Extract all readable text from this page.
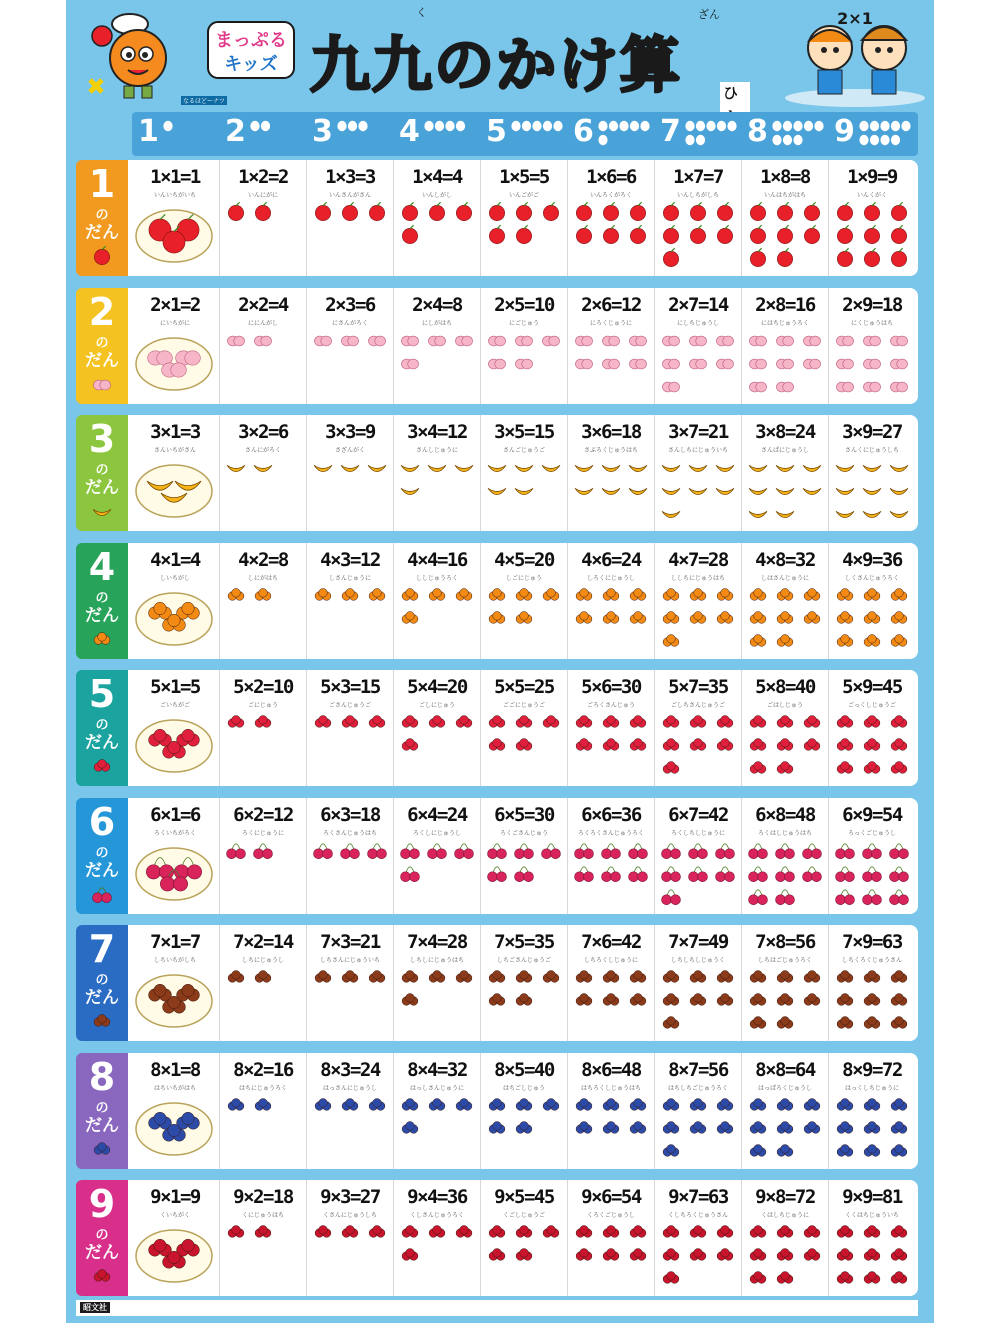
なるほどーナツ
まっぷる
キッズ
く	ざん
九九のかけ算	ひ
2×1
1 2 3 4 5 6 7 8 9
1
の
だん
1×1=1
いんいちがいち
1×2=2
いんにがに
1×3=3
いんさんがさん
1×4=4
いんしがし
1×5=5
いんごがご
1×6=6
いんろくがろく
1×7=7
いんしちがしち
1×8=8
いんはちがはち
1×9=9
いんくがく
2
の
だん
2×1=2
にいちがに
2×2=4
ににんがし
2×3=6
にさんがろく
2×4=8
にしがはち
2×5=10
にごじゅう
2×6=12
にろくじゅうに
2×7=14
にしちじゅうし
2×8=16
にはちじゅうろく
2×9=18
にくじゅうはち
3
の
だん
3×1=3
さんいちがさん
3×2=6
さんにがろく
3×3=9
さざんがく
3×4=12
さんしじゅうに
3×5=15
さんごじゅうご
3×6=18
さぶろくじゅうはち
3×7=21
さんしちにじゅういち
3×8=24
さんぱにじゅうし
3×9=27
さんくにじゅうしち
4
の
だん
4×1=4
しいちがし
4×2=8
しにがはち
4×3=12
しさんじゅうに
4×4=16
ししじゅうろく
4×5=20
しごにじゅう
4×6=24
しろくにじゅうし
4×7=28
ししちにじゅうはち
4×8=32
しはさんじゅうに
4×9=36
しくさんじゅうろく
5
の
だん
5×1=5
ごいちがご
5×2=10
ごにじゅう
5×3=15
ごさんじゅうご
5×4=20
ごしにじゅう
5×5=25
ごごにじゅうご
5×6=30
ごろくさんじゅう
5×7=35
ごしちさんじゅうご
5×8=40
ごはしじゅう
5×9=45
ごっくしじゅうご
6
の
だん
6×1=6
ろくいちがろく
6×2=12
ろくにじゅうに
6×3=18
ろくさんじゅうはち
6×4=24
ろくしにじゅうし
6×5=30
ろくごさんじゅう
6×6=36
ろくろくさんじゅうろく
6×7=42
ろくしちしじゅうに
6×8=48
ろくはしじゅうはち
6×9=54
ろっくごじゅうし
7
の
だん
7×1=7
しちいちがしち
7×2=14
しちにじゅうし
7×3=21
しちさんにじゅういち
7×4=28
しちしにじゅうはち
7×5=35
しちごさんじゅうご
7×6=42
しちろくしじゅうに
7×7=49
しちしちしじゅうく
7×8=56
しちはごじゅうろく
7×9=63
しちくろくじゅうさん
8
の
だん
8×1=8
はちいちがはち
8×2=16
はちにじゅうろく
8×3=24
はっさんにじゅうし
8×4=32
はっしさんじゅうに
8×5=40
はちごしじゅう
8×6=48
はちろくしじゅうはち
8×7=56
はちしちごじゅうろく
8×8=64
はっぱろくじゅうし
8×9=72
はっくしちじゅうに
9
の
だん
9×1=9
くいちがく
9×2=18
くにじゅうはち
9×3=27
くさんにじゅうしち
9×4=36
くしさんじゅうろく
9×5=45
くごしじゅうご
9×6=54
くろくごじゅうし
9×7=63
くしちろくじゅうさん
9×8=72
くはしちじゅうに
9×9=81
くくはちじゅういち
昭文社
